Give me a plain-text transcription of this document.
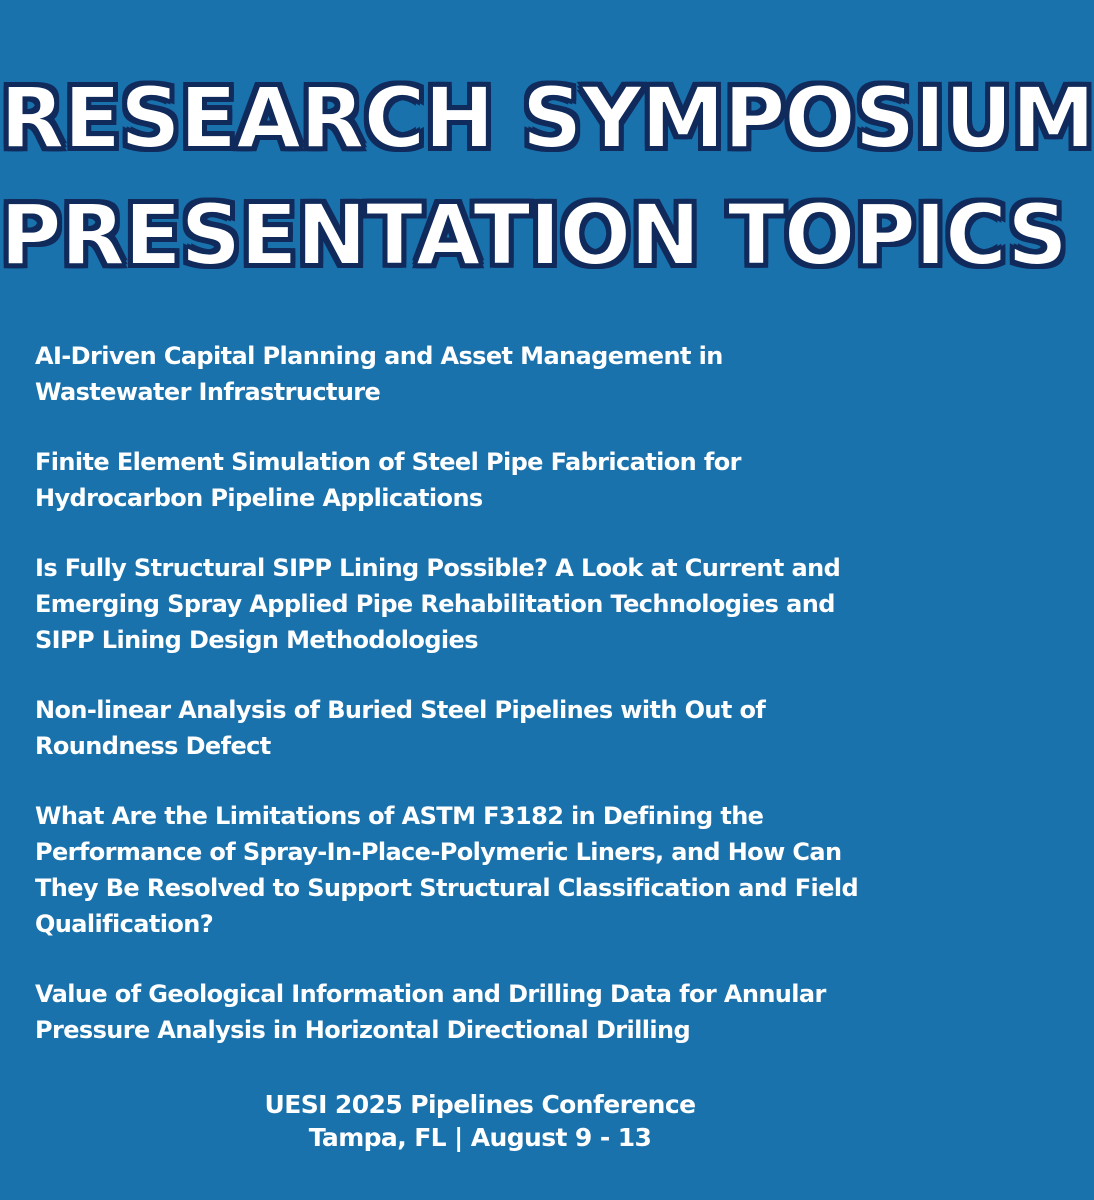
RESEARCH SYMPOSIUM
PRESENTATION TOPICS
AI-Driven Capital Planning and Asset Management in
Wastewater Infrastructure
Finite Element Simulation of Steel Pipe Fabrication for
Hydrocarbon Pipeline Applications
Is Fully Structural SIPP Lining Possible? A Look at Current and
Emerging Spray Applied Pipe Rehabilitation Technologies and
SIPP Lining Design Methodologies
Non-linear Analysis of Buried Steel Pipelines with Out of
Roundness Defect
What Are the Limitations of ASTM F3182 in Defining the
Performance of Spray-In-Place-Polymeric Liners, and How Can
They Be Resolved to Support Structural Classification and Field
Qualification?
Value of Geological Information and Drilling Data for Annular
Pressure Analysis in Horizontal Directional Drilling
UESI 2025 Pipelines Conference
Tampa, FL | August 9 - 13
